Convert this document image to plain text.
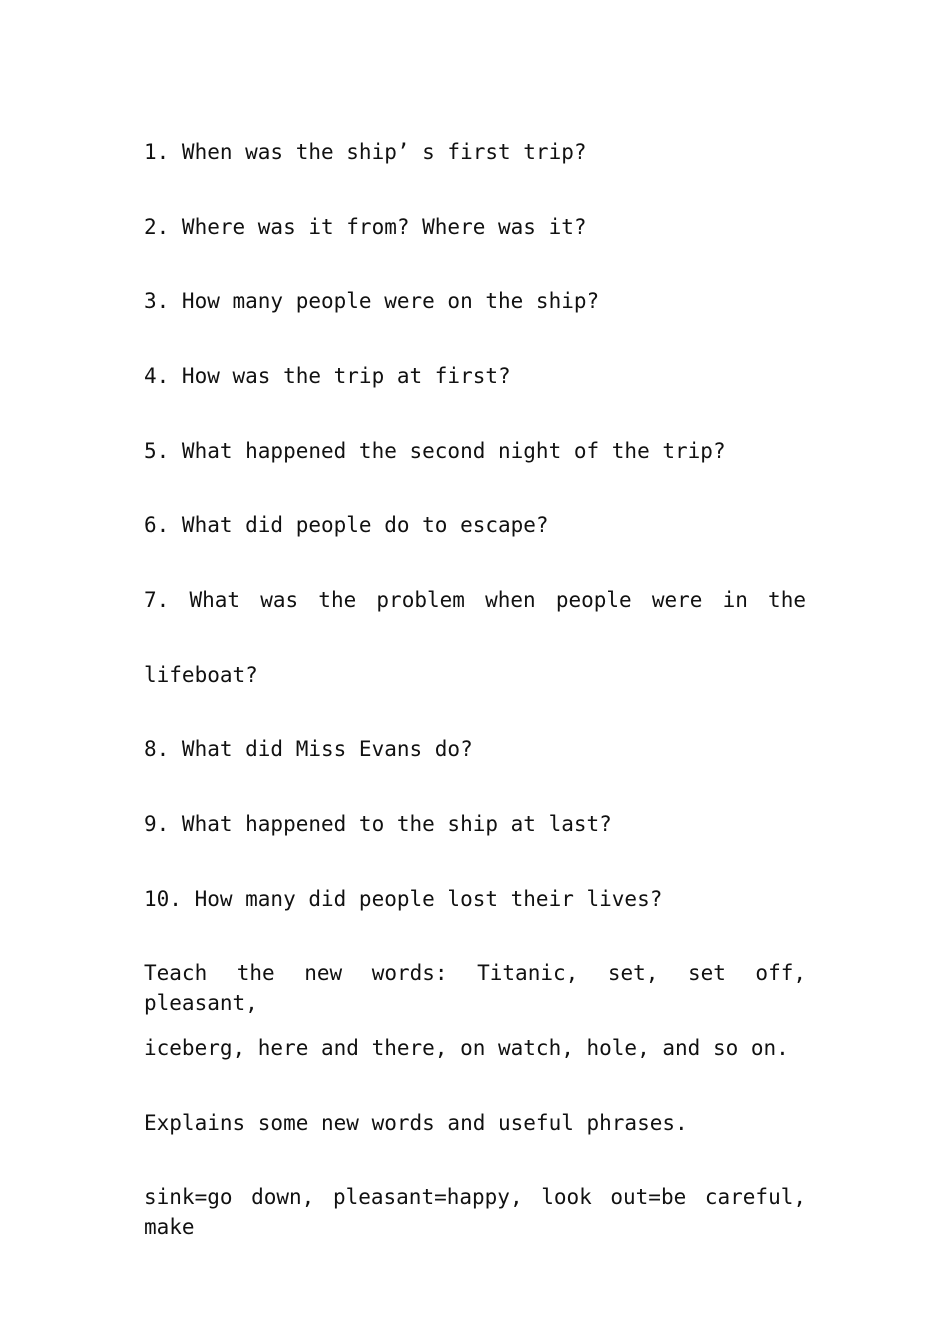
1. When was the ship’ s first trip?

2. Where was it from? Where was it?

3. How many people were on the ship?

4. How was the trip at first?

5. What happened the second night of the trip?

6. What did people do to escape?

7. What was the problem when people were in the

lifeboat?

8. What did Miss Evans do?

9. What happened to the ship at last?

10. How many did people lost their lives?

Teach the new words: Titanic, set, set off, pleasant,

iceberg, here and there, on watch, hole, and so on.

Explains some new words and useful phrases.

sink=go down, pleasant=happy, look out=be careful, make
